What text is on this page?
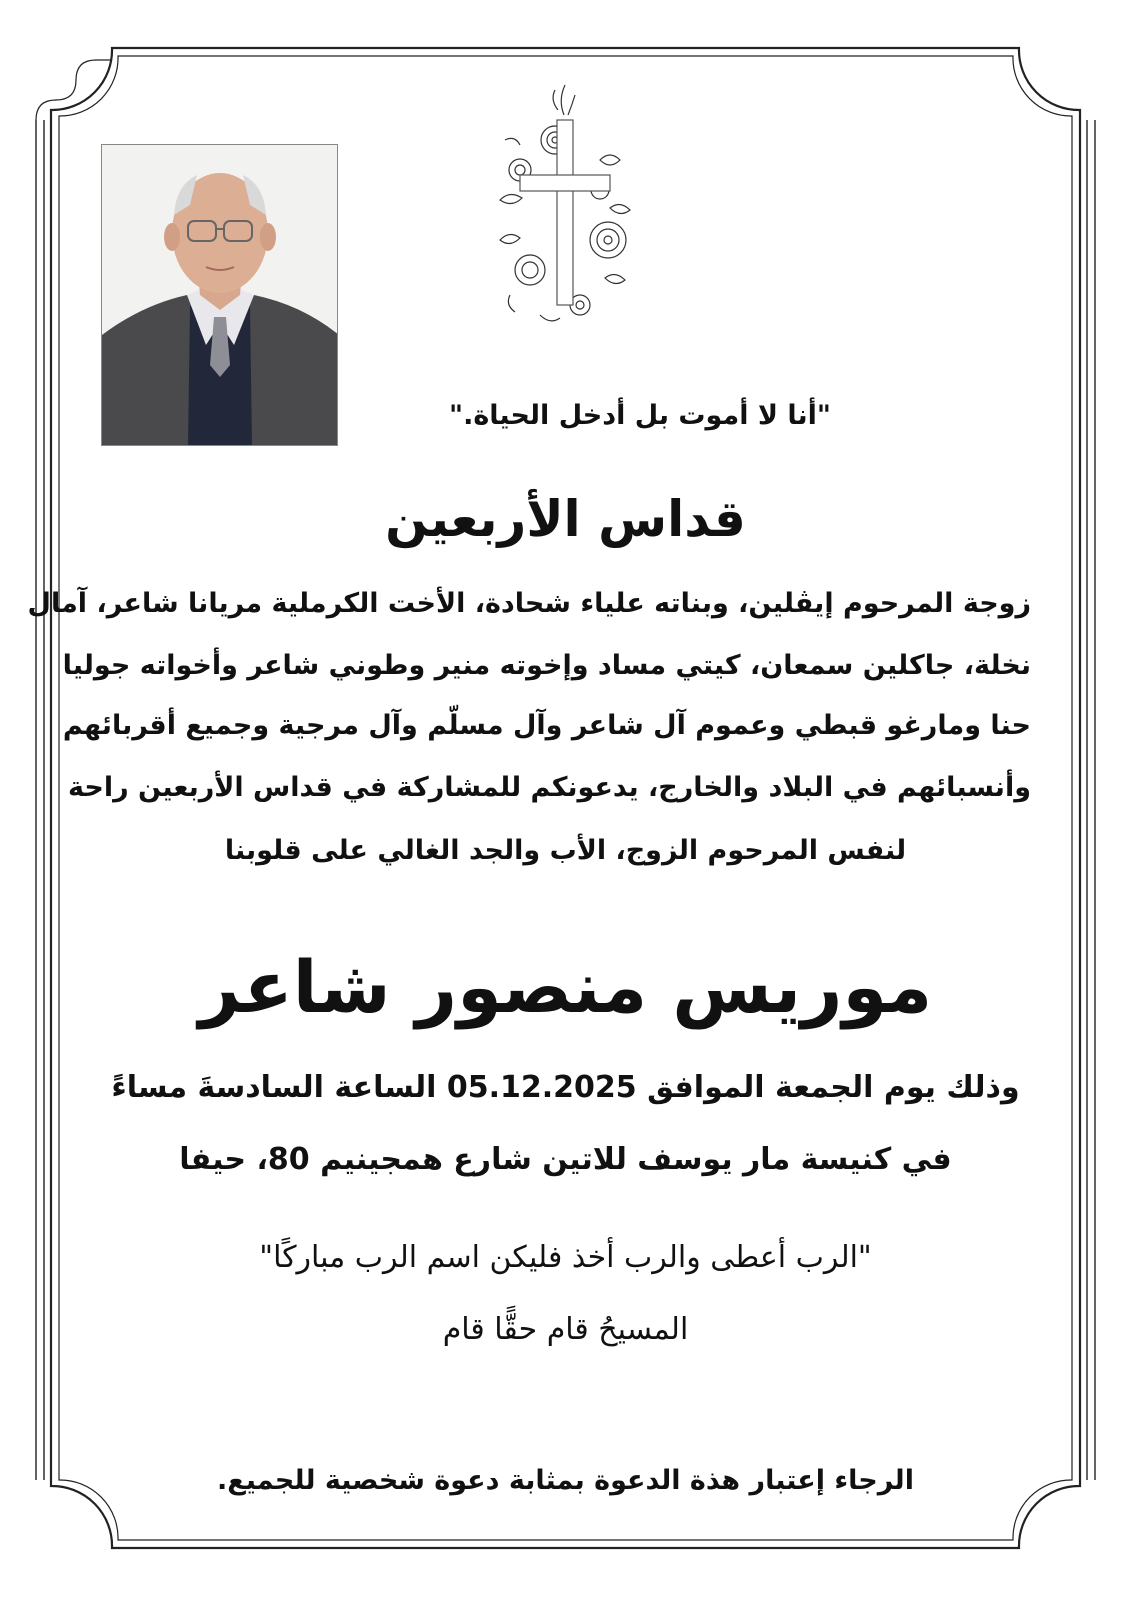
"أنا لا أموت بل أدخل الحياة."
قداس الأربعين
زوجة المرحوم إيڤلين، وبناته علياء شحادة، الأخت الكرملية مريانا شاعر، آمال
نخلة، جاكلين سمعان، كيتي مساد وإخوته منير وطوني شاعر وأخواته جوليا
حنا ومارغو قبطي وعموم آل شاعر وآل مسلّم وآل مرجية وجميع أقربائهم
وأنسبائهم في البلاد والخارج، يدعونكم للمشاركة في قداس الأربعين راحة
لنفس المرحوم الزوج، الأب والجد الغالي على قلوبنا
موريس منصور شاعر
وذلك يوم الجمعة الموافق 05.12.2025 الساعة السادسةَ مساءً
في كنيسة مار يوسف للاتين شارع همجينيم 80، حيفا
"الرب أعطى والرب أخذ فليكن اسم الرب مباركًا"
المسيحُ قام حقًّا قام
الرجاء إعتبار هذة الدعوة بمثابة دعوة شخصية للجميع.
